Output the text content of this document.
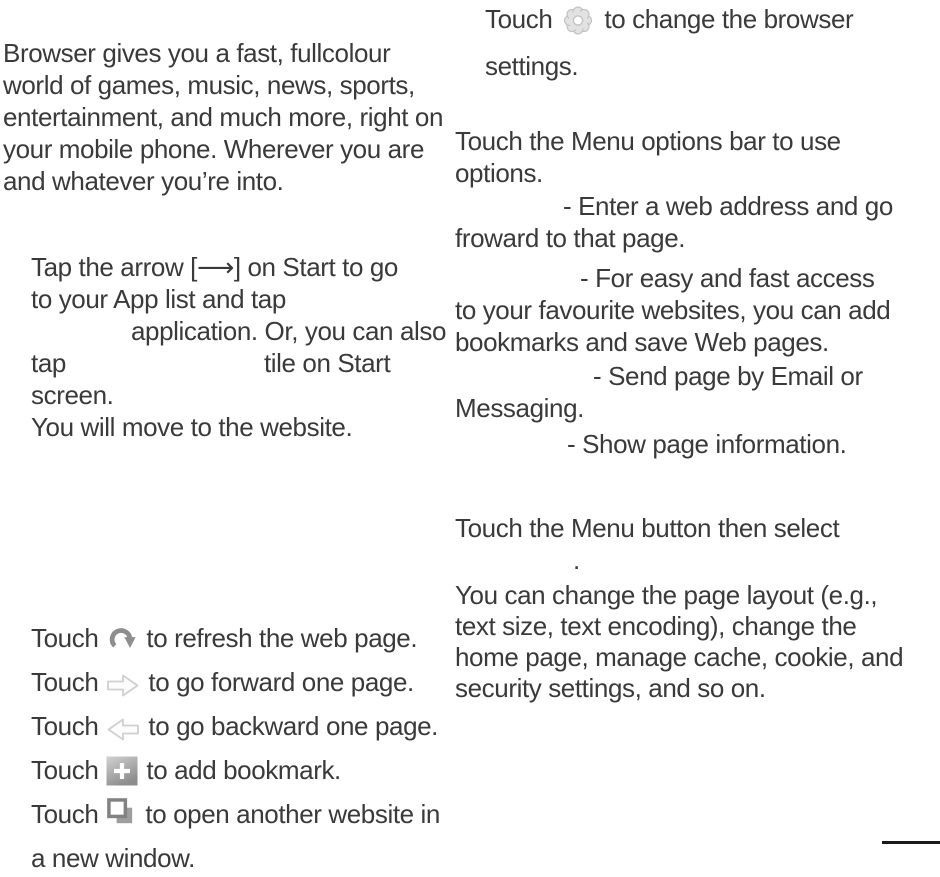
Browser gives you a fast, fullcolour
world of games, music, news, sports,
entertainment, and much more, right on
your mobile phone. Wherever you are
and whatever you’re into.
Tap the arrow [⟶] on Start to go
to your App list and tap
application. Or, you can also
tap	tile on Start
screen.
You will move to the website.
Touch to refresh the web page.
Touch to go forward one page.
Touch to go backward one page.
Touch to add bookmark.
Touch to open another website in
a new window.
Touch to change the browser
settings.
Touch the Menu options bar to use
options.
- Enter a web address and go
froward to that page.
- For easy and fast access
to your favourite websites, you can add
bookmarks and save Web pages.
- Send page by Email or
Messaging.
- Show page information.
Touch the Menu button then select
.
You can change the page layout (e.g.,
text size, text encoding), change the
home page, manage cache, cookie, and
security settings, and so on.
